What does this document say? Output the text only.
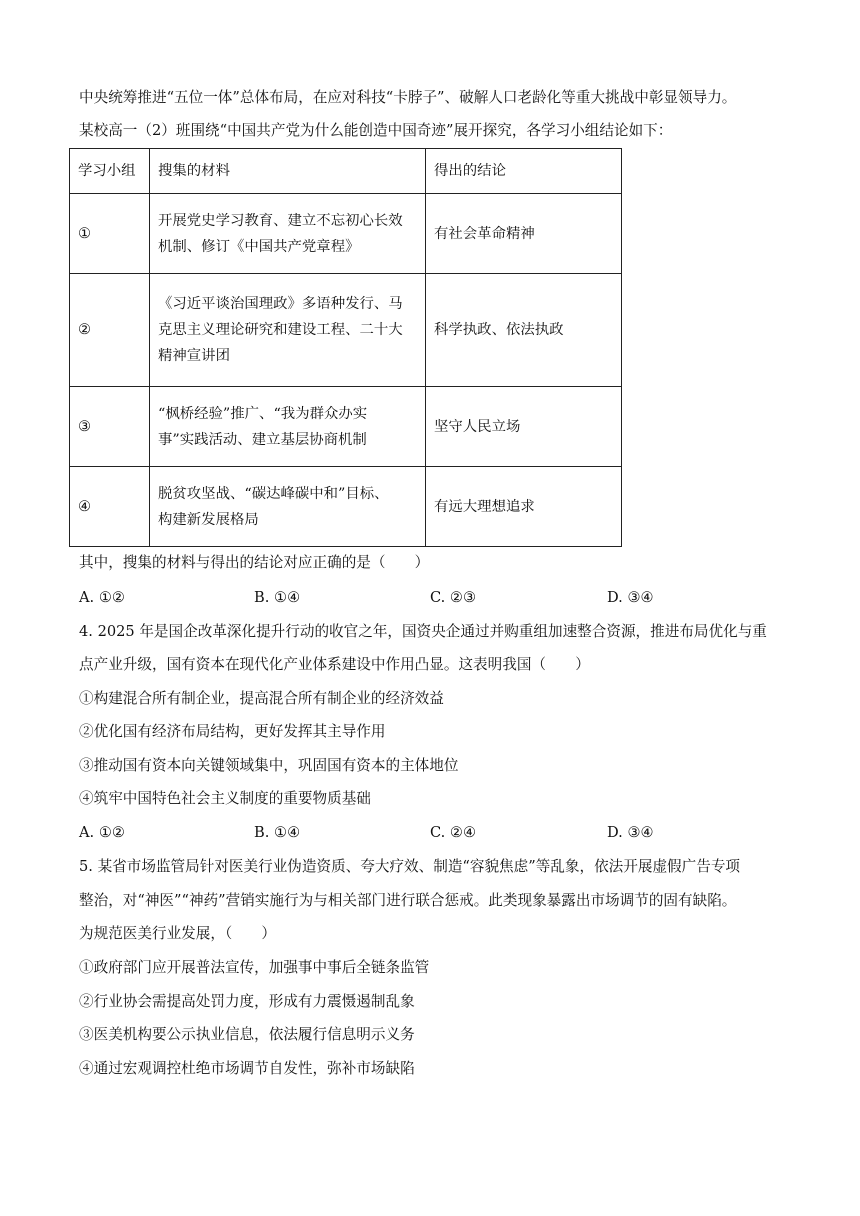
中央统筹推进“五位一体”总体布局，在应对科技“卡脖子”、破解人口老龄化等重大挑战中彰显领导力。
某校高一（2）班围绕“中国共产党为什么能创造中国奇迹”展开探究，各学习小组结论如下：
学习小组	搜集的材料	得出的结论
①	开展党史学习教育、建立不忘初心长效
机制、修订《中国共产党章程》	有社会革命精神
②	《习近平谈治国理政》多语种发行、马
克思主义理论研究和建设工程、二十大
精神宣讲团	科学执政、依法执政
③	“枫桥经验”推广、“我为群众办实
事”实践活动、建立基层协商机制	坚守人民立场
④	脱贫攻坚战、“碳达峰碳中和”目标、
构建新发展格局	有远大理想追求
其中，搜集的材料与得出的结论对应正确的是（　　）
A. ①②	B. ①④	C. ②③	D. ③④
4. 2025 年是国企改革深化提升行动的收官之年，国资央企通过并购重组加速整合资源，推进布局优化与重
点产业升级，国有资本在现代化产业体系建设中作用凸显。这表明我国（　　）
①构建混合所有制企业，提高混合所有制企业的经济效益
②优化国有经济布局结构，更好发挥其主导作用
③推动国有资本向关键领域集中，巩固国有资本的主体地位
④筑牢中国特色社会主义制度的重要物质基础
A. ①②	B. ①④	C. ②④	D. ③④
5. 某省市场监管局针对医美行业伪造资质、夸大疗效、制造“容貌焦虑”等乱象，依法开展虚假广告专项
整治，对“神医”“神药”营销实施行为与相关部门进行联合惩戒。此类现象暴露出市场调节的固有缺陷。
为规范医美行业发展，（　　）
①政府部门应开展普法宣传，加强事中事后全链条监管
②行业协会需提高处罚力度，形成有力震慑遏制乱象
③医美机构要公示执业信息，依法履行信息明示义务
④通过宏观调控杜绝市场调节自发性，弥补市场缺陷
